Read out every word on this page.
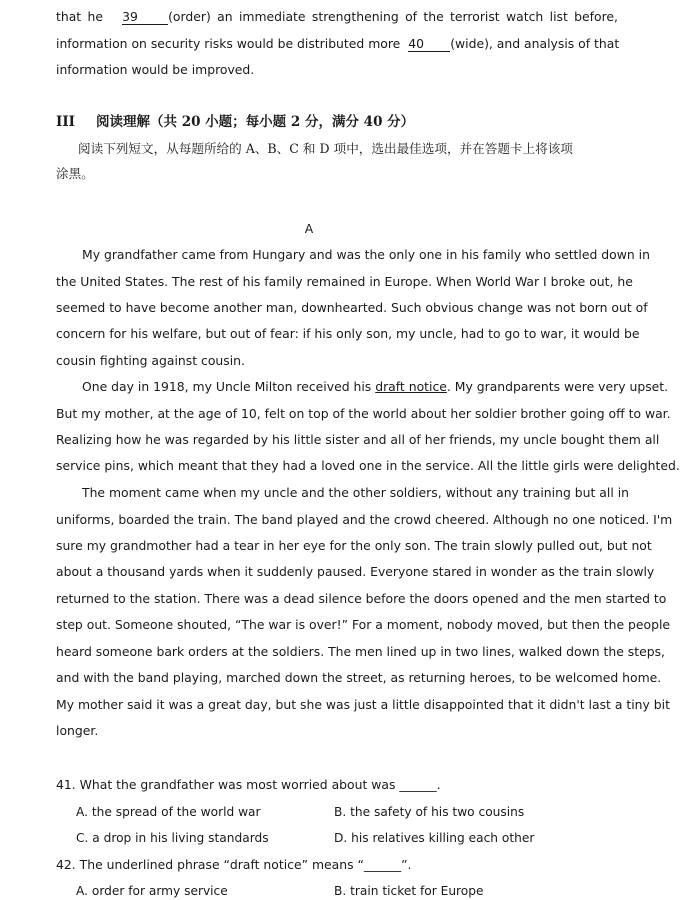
that he 39 (order) an immediate strengthening of the terrorist watch list before,
information on security risks would be distributed more 40 (wide), and analysis of that
information would be improved.
III 阅读理解（共 20 小题；每小题 2 分，满分 40 分）
阅读下列短文，从每题所给的 A、B、C 和 D 项中，选出最佳选项，并在答题卡上将该项
涂黑。
A
My grandfather came from Hungary and was the only one in his family who settled down in
the United States. The rest of his family remained in Europe. When World War I broke out, he
seemed to have become another man, downhearted. Such obvious change was not born out of
concern for his welfare, but out of fear: if his only son, my uncle, had to go to war, it would be
cousin fighting against cousin.
One day in 1918, my Uncle Milton received his draft notice. My grandparents were very upset.
But my mother, at the age of 10, felt on top of the world about her soldier brother going off to war.
Realizing how he was regarded by his little sister and all of her friends, my uncle bought them all
service pins, which meant that they had a loved one in the service. All the little girls were delighted.
The moment came when my uncle and the other soldiers, without any training but all in
uniforms, boarded the train. The band played and the crowd cheered. Although no one noticed. I'm
sure my grandmother had a tear in her eye for the only son. The train slowly pulled out, but not
about a thousand yards when it suddenly paused. Everyone stared in wonder as the train slowly
returned to the station. There was a dead silence before the doors opened and the men started to
step out. Someone shouted, “The war is over!” For a moment, nobody moved, but then the people
heard someone bark orders at the soldiers. The men lined up in two lines, walked down the steps,
and with the band playing, marched down the street, as returning heroes, to be welcomed home.
My mother said it was a great day, but she was just a little disappointed that it didn't last a tiny bit
longer.
41. What the grandfather was most worried about was ______.
A. the spread of the world war	B. the safety of his two cousins
C. a drop in his living standards	D. his relatives killing each other
42. The underlined phrase “draft notice” means “______”.
A. order for army service	B. train ticket for Europe
